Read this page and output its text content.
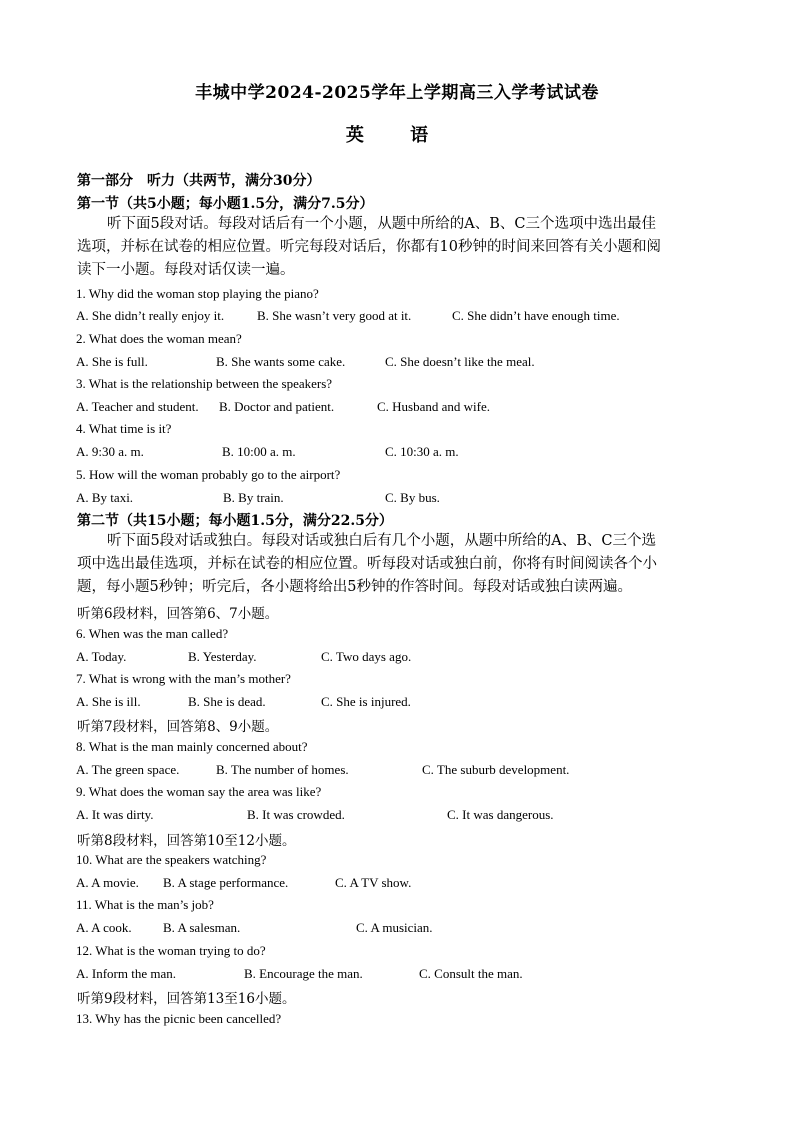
丰城中学2024-2025学年上学期高三入学考试试卷
英 语
第一部分　听力（共两节，满分30分）
第一节（共5小题；每小题1.5分，满分7.5分）
听下面5段对话。每段对话后有一个小题，从题中所给的A、B、C三个选项中选出最佳
选项，并标在试卷的相应位置。听完每段对话后，你都有10秒钟的时间来回答有关小题和阅
读下一小题。每段对话仅读一遍。
1. Why did the woman stop playing the piano?
A. She didn’t really enjoy it.	B. She wasn’t very good at it.	C. She didn’t have enough time.
2. What does the woman mean?
A. She is full.	B. She wants some cake.	C. She doesn’t like the meal.
3. What is the relationship between the speakers?
A. Teacher and student. B. Doctor and patient.	C. Husband and wife.
4. What time is it?
A. 9:30 a. m.	B. 10:00 a. m.	C. 10:30 a. m.
5. How will the woman probably go to the airport?
A. By taxi.	B. By train.	C. By bus.
第二节（共15小题；每小题1.5分，满分22.5分）
听下面5段对话或独白。每段对话或独白后有几个小题，从题中所给的A、B、C三个选
项中选出最佳选项，并标在试卷的相应位置。听每段对话或独白前，你将有时间阅读各个小
题，每小题5秒钟；听完后，各小题将给出5秒钟的作答时间。每段对话或独白读两遍。
听第6段材料，回答第6、7小题。
6. When was the man called?
A. Today.	B. Yesterday.	C. Two days ago.
7. What is wrong with the man’s mother?
A. She is ill.	B. She is dead.	C. She is injured.
听第7段材料，回答第8、9小题。
8. What is the man mainly concerned about?
A. The green space.	B. The number of homes.	C. The suburb development.
9. What does the woman say the area was like?
A. It was dirty.	B. It was crowded.	C. It was dangerous.
听第8段材料，回答第10至12小题。
10. What are the speakers watching?
A. A movie. B. A stage performance.	C. A TV show.
11. What is the man’s job?
A. A cook. B. A salesman.	C. A musician.
12. What is the woman trying to do?
A. Inform the man.	B. Encourage the man.	C. Consult the man.
听第9段材料，回答第13至16小题。
13. Why has the picnic been cancelled?
